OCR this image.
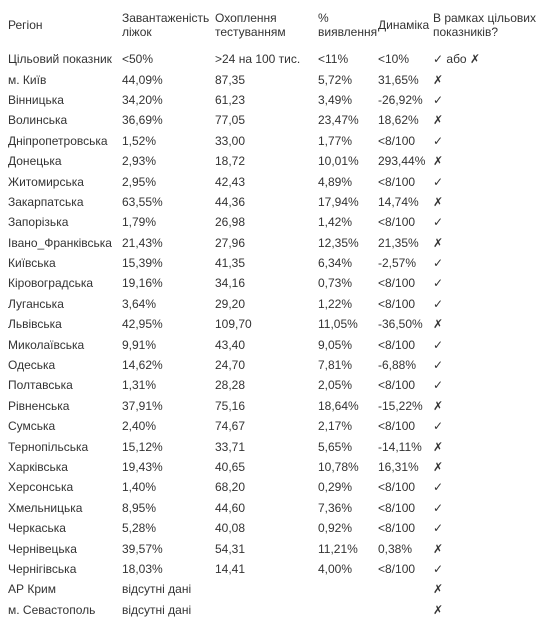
Регіон	Завантаженість ліжок	Охоплення тестуванням	% виявлення	Динаміка	В рамках цільових показників?
Цільовий показник	<50%	>24 на 100 тис.	<11%	<10%	✓ або ✗
м. Київ	44,09%	87,35	5,72%	31,65%	✗
Вінницька	34,20%	61,23	3,49%	-26,92%	✓
Волинська	36,69%	77,05	23,47%	18,62%	✗
Дніпропетровська	1,52%	33,00	1,77%	<8/100	✓
Донецька	2,93%	18,72	10,01%	293,44%	✗
Житомирська	2,95%	42,43	4,89%	<8/100	✓
Закарпатська	63,55%	44,36	17,94%	14,74%	✗
Запорізька	1,79%	26,98	1,42%	<8/100	✓
Івано_Франківська	21,43%	27,96	12,35%	21,35%	✗
Київська	15,39%	41,35	6,34%	-2,57%	✓
Кіровоградська	19,16%	34,16	0,73%	<8/100	✓
Луганська	3,64%	29,20	1,22%	<8/100	✓
Львівська	42,95%	109,70	11,05%	-36,50%	✗
Миколаївська	9,91%	43,40	9,05%	<8/100	✓
Одеська	14,62%	24,70	7,81%	-6,88%	✓
Полтавська	1,31%	28,28	2,05%	<8/100	✓
Рівненська	37,91%	75,16	18,64%	-15,22%	✗
Сумська	2,40%	74,67	2,17%	<8/100	✓
Тернопільська	15,12%	33,71	5,65%	-14,11%	✗
Харківська	19,43%	40,65	10,78%	16,31%	✗
Херсонська	1,40%	68,20	0,29%	<8/100	✓
Хмельницька	8,95%	44,60	7,36%	<8/100	✓
Черкаська	5,28%	40,08	0,92%	<8/100	✓
Чернівецька	39,57%	54,31	11,21%	0,38%	✗
Чернігівська	18,03%	14,41	4,00%	<8/100	✓
АР Крим	відсутні дані				✗
м. Севастополь	відсутні дані				✗
